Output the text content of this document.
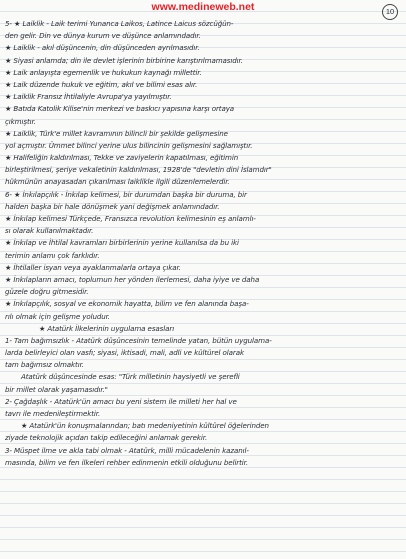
www.medineweb.net	10
5- ★ Laiklik - Laik terimi Yunanca Laikos, Latince Laicus sözcüğün-
den gelir. Din ve dünya kurum ve düşünce anlamındadır.
★ Laiklik - akıl düşüncenin, din düşünceden ayrılmasıdır.
★ Siyasi anlamda; din ile devlet işlerinin birbirine karıştırılmamasıdır.
★ Laik anlayışta egemenlik ve hukukun kaynağı millettir.
★ Laik düzende hukuk ve eğitim, akıl ve bilimi esas alır.
★ Laiklik Fransız İhtilaliyle Avrupa'ya yayılmıştır.
★ Batıda Katolik Kilise'nin merkezi ve baskıcı yapısına karşı ortaya
çıkmıştır.
★ Laiklik, Türk'e millet kavramının bilincli bir şekilde gelişmesine
yol açmıştır. Ümmet bilinci yerine ulus bilincinin gelişmesini sağlamıştır.
★ Halifeliğin kaldırılması, Tekke ve zaviyelerin kapatılması, eğitimin
birleştirilmesi, şeriye vekaletinin kaldırılması, 1928'de "devletin dini İslamdır"
hükmünün anayasadan çıkarılması laiklikle ilgili düzenlemelerdir.
6- ★ İnkılapçılık - İnkılap kelimesi, bir durumdan başka bir duruma, bir
halden başka bir hale dönüşmek yani değişmek anlamındadır.
★ İnkılap kelimesi Türkçede, Fransızca revolution kelimesinin eş anlamlı-
sı olarak kullanılmaktadır.
★ İnkılap ve İhtilal kavramları birbirlerinin yerine kullanılsa da bu iki
terimin anlamı çok farklıdır.
★ İhtilaller isyan veya ayaklanmalarla ortaya çıkar.
★ İnkılapların amacı, toplumun her yönden ilerlemesi, daha iyiye ve daha
güzele doğru gitmesidir.
★ İnkılapçılık, sosyal ve ekonomik hayatta, bilim ve fen alanında başa-
rılı olmak için gelişme yoludur.
★ Atatürk İlkelerinin uygulama esasları
1- Tam bağımsızlık - Atatürk düşüncesinin temelinde yatan, bütün uygulama-
larda belirleyici olan vasfı; siyasi, iktisadi, mali, adli ve kültürel olarak
tam bağımsız olmaktır.
Atatürk düşüncesinde esas: "Türk milletinin haysiyetli ve şerefli
bir millet olarak yaşamasıdır."
2- Çağdaşlık - Atatürk'ün amacı bu yeni sistem ile milleti her hal ve
tavrı ile medenileştirmektir.
★ Atatürk'ün konuşmalarından; batı medeniyetinin kültürel öğelerinden
ziyade teknolojik açıdan takip edileceğini anlamak gerekir.
3- Müspet ilme ve akla tabi olmak - Atatürk, milli mücadelenin kazanıl-
masında, bilim ve fen ilkeleri rehber edinmenin etkili olduğunu belirtir.
